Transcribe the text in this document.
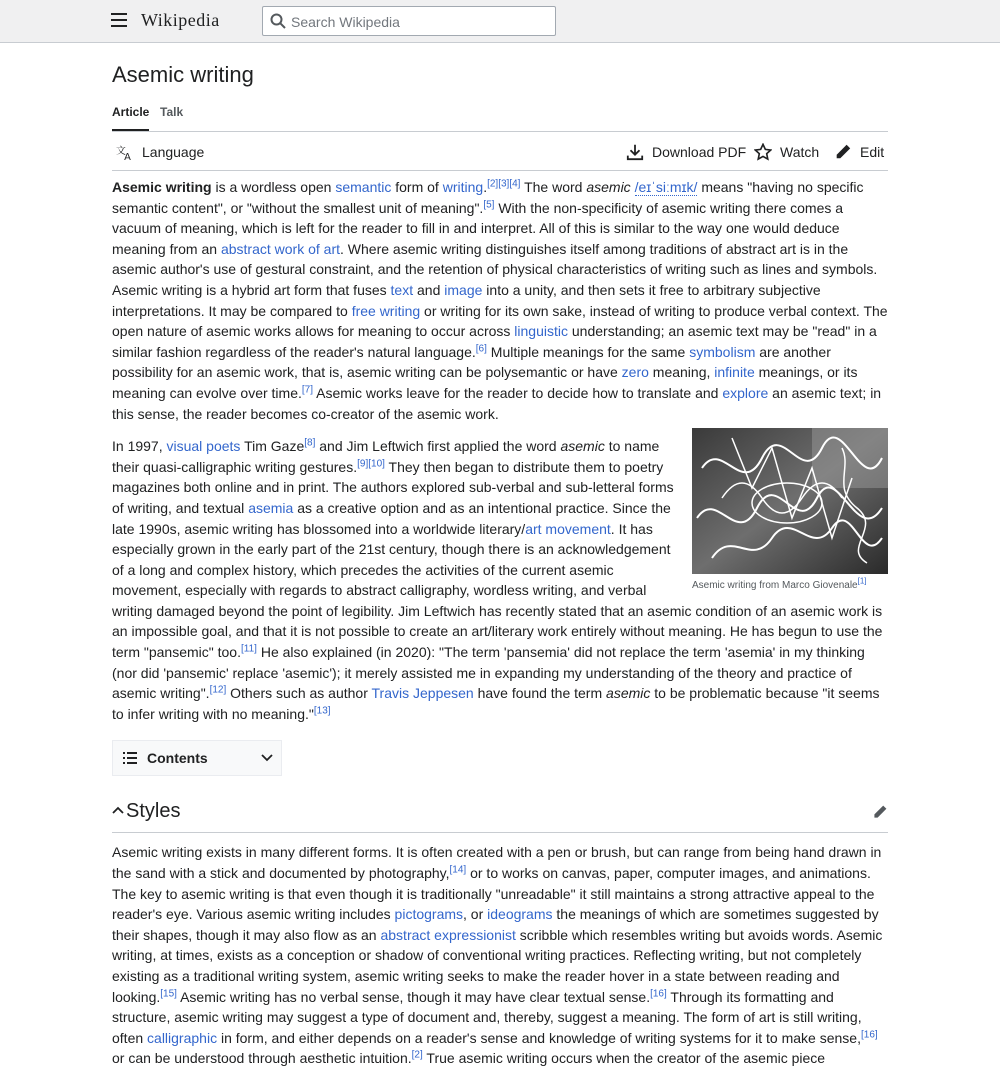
Wikipedia
Search Wikipedia
Asemic writing
Article Talk
文
A Language	Download PDF Watch	Edit

Asemic writing is a wordless open semantic form of writing.[2][3][4] The word asemic /eɪˈsiːmɪk/ means "having no specific semantic content", or "without the smallest unit of meaning".[5] With the non-specificity of asemic writing there comes a vacuum of meaning, which is left for the reader to fill in and interpret. All of this is similar to the way one would deduce meaning from an abstract work of art. Where asemic writing distinguishes itself among traditions of abstract art is in the asemic author's use of gestural constraint, and the retention of physical characteristics of writing such as lines and symbols. Asemic writing is a hybrid art form that fuses text and image into a unity, and then sets it free to arbitrary subjective interpretations. It may be compared to free writing or writing for its own sake, instead of writing to produce verbal context. The open nature of asemic works allows for meaning to occur across linguistic understanding; an asemic text may be "read" in a similar fashion regardless of the reader's natural language.[6] Multiple meanings for the same symbolism are another possibility for an asemic work, that is, asemic writing can be polysemantic or have zero meaning, infinite meanings, or its meaning can evolve over time.[7] Asemic works leave for the reader to decide how to translate and explore an asemic text; in this sense, the reader becomes co-creator of the asemic work.

Asemic writing from Marco Giovenale[1]

In 1997, visual poets Tim Gaze[8] and Jim Leftwich first applied the word asemic to name their quasi-calligraphic writing gestures.[9][10] They then began to distribute them to poetry magazines both online and in print. The authors explored sub-verbal and sub-letteral forms of writing, and textual asemia as a creative option and as an intentional practice. Since the late 1990s, asemic writing has blossomed into a worldwide literary/art movement. It has especially grown in the early part of the 21st century, though there is an acknowledgement of a long and complex history, which precedes the activities of the current asemic movement, especially with regards to abstract calligraphy, wordless writing, and verbal writing damaged beyond the point of legibility. Jim Leftwich has recently stated that an asemic condition of an asemic work is an impossible goal, and that it is not possible to create an art/literary work entirely without meaning. He has begun to use the term "pansemic" too.[11] He also explained (in 2020): "The term 'pansemia' did not replace the term 'asemia' in my thinking (nor did 'pansemic' replace 'asemic'); it merely assisted me in expanding my understanding of the theory and practice of asemic writing".[12] Others such as author Travis Jeppesen have found the term asemic to be problematic because "it seems to infer writing with no meaning."[13]

Contents
Styles

Asemic writing exists in many different forms. It is often created with a pen or brush, but can range from being hand drawn in the sand with a stick and documented by photography,[14] or to works on canvas, paper, computer images, and animations. The key to asemic writing is that even though it is traditionally "unreadable" it still maintains a strong attractive appeal to the reader's eye. Various asemic writing includes pictograms, or ideograms the meanings of which are sometimes suggested by their shapes, though it may also flow as an abstract expressionist scribble which resembles writing but avoids words. Asemic writing, at times, exists as a conception or shadow of conventional writing practices. Reflecting writing, but not completely existing as a traditional writing system, asemic writing seeks to make the reader hover in a state between reading and looking.[15] Asemic writing has no verbal sense, though it may have clear textual sense.[16] Through its formatting and structure, asemic writing may suggest a type of document and, thereby, suggest a meaning. The form of art is still writing, often calligraphic in form, and either depends on a reader's sense and knowledge of writing systems for it to make sense,[16] or can be understood through aesthetic intuition.[2] True asemic writing occurs when the creator of the asemic piece
